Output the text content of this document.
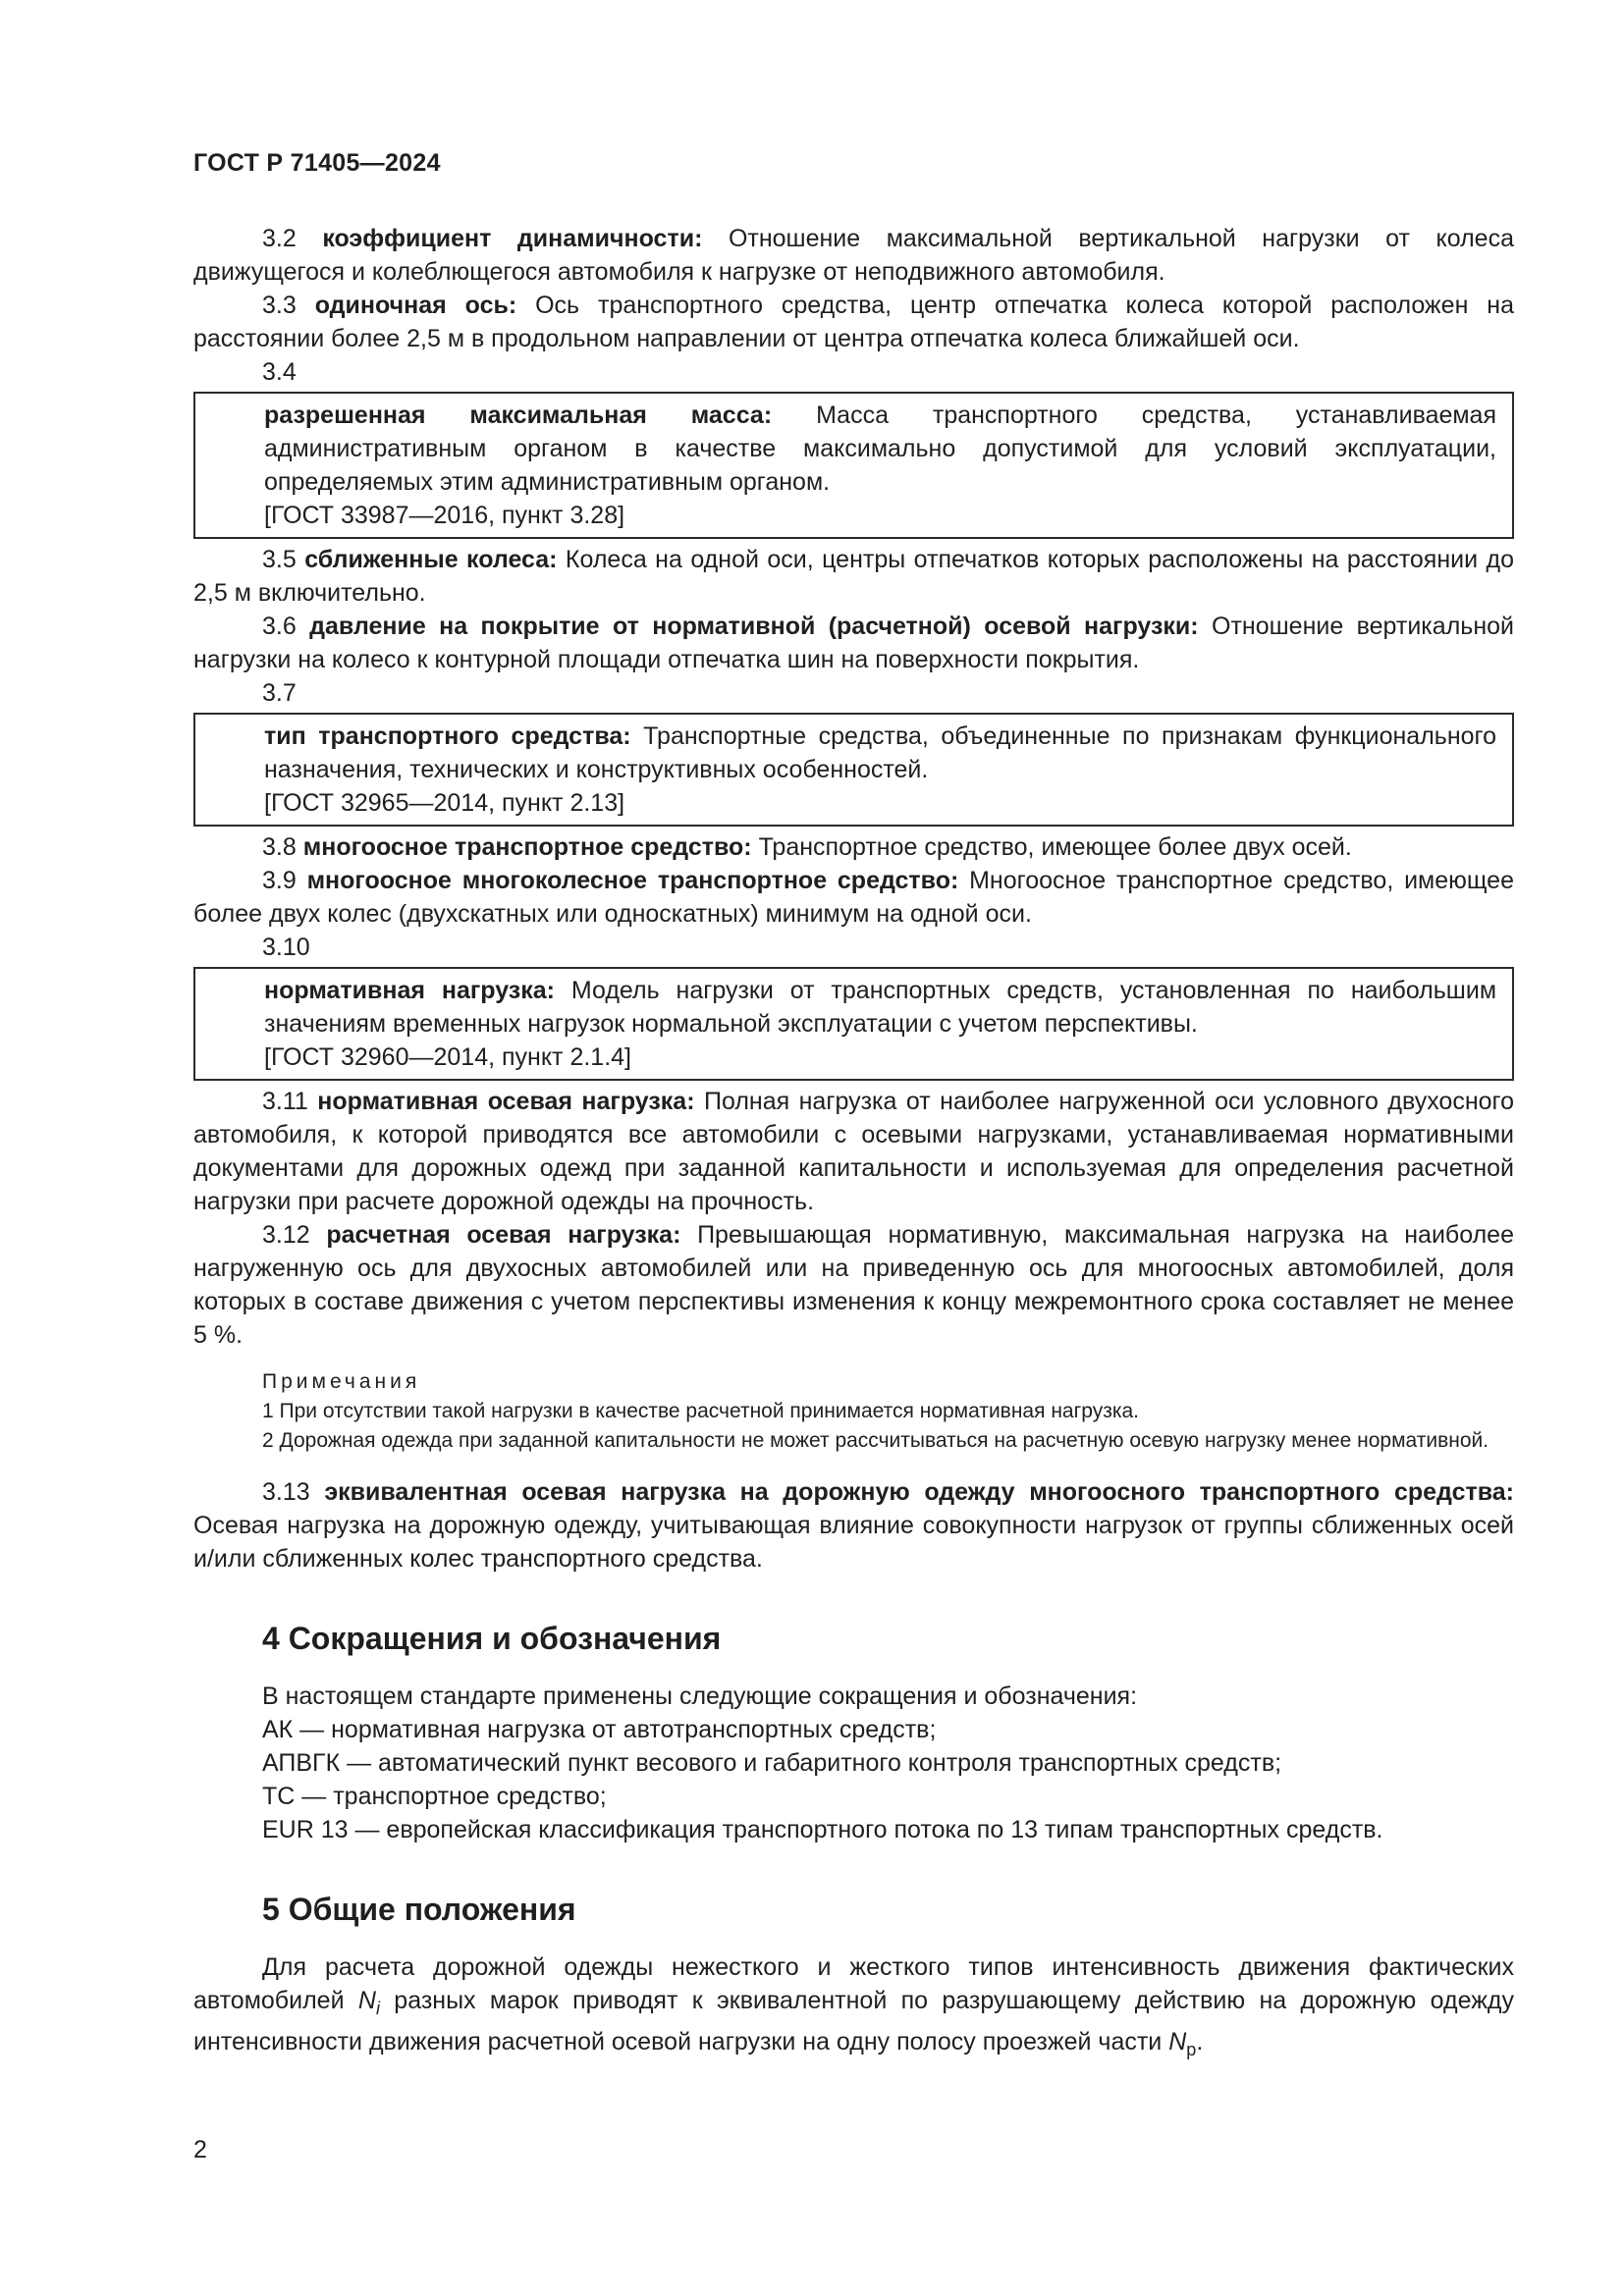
ГОСТ Р 71405—2024

3.2 коэффициент динамичности: Отношение максимальной вертикальной нагрузки от колеса движущегося и колеблющегося автомобиля к нагрузке от неподвижного автомобиля.

3.3 одиночная ось: Ось транспортного средства, центр отпечатка колеса которой расположен на расстоянии более 2,5 м в продольном направлении от центра отпечатка колеса ближайшей оси.

3.4

разрешенная максимальная масса: Масса транспортного средства, устанавливаемая административным органом в качестве максимально допустимой для условий эксплуатации, определяемых этим административным органом.

[ГОСТ 33987—2016, пункт 3.28]

3.5 сближенные колеса: Колеса на одной оси, центры отпечатков которых расположены на расстоянии до 2,5 м включительно.

3.6 давление на покрытие от нормативной (расчетной) осевой нагрузки: Отношение вертикальной нагрузки на колесо к контурной площади отпечатка шин на поверхности покрытия.

3.7

тип транспортного средства: Транспортные средства, объединенные по признакам функционального назначения, технических и конструктивных особенностей.

[ГОСТ 32965—2014, пункт 2.13]

3.8 многоосное транспортное средство: Транспортное средство, имеющее более двух осей.

3.9 многоосное многоколесное транспортное средство: Многоосное транспортное средство, имеющее более двух колес (двухскатных или односкатных) минимум на одной оси.

3.10

нормативная нагрузка: Модель нагрузки от транспортных средств, установленная по наибольшим значениям временных нагрузок нормальной эксплуатации с учетом перспективы.

[ГОСТ 32960—2014, пункт 2.1.4]

3.11 нормативная осевая нагрузка: Полная нагрузка от наиболее нагруженной оси условного двухосного автомобиля, к которой приводятся все автомобили с осевыми нагрузками, устанавливаемая нормативными документами для дорожных одежд при заданной капитальности и используемая для определения расчетной нагрузки при расчете дорожной одежды на прочность.

3.12 расчетная осевая нагрузка: Превышающая нормативную, максимальная нагрузка на наиболее нагруженную ось для двухосных автомобилей или на приведенную ось для многоосных автомобилей, доля которых в составе движения с учетом перспективы изменения к концу межремонтного срока составляет не менее 5 %.

Примечания

1 При отсутствии такой нагрузки в качестве расчетной принимается нормативная нагрузка.

2 Дорожная одежда при заданной капитальности не может рассчитываться на расчетную осевую нагрузку менее нормативной.

3.13 эквивалентная осевая нагрузка на дорожную одежду многоосного транспортного средства: Осевая нагрузка на дорожную одежду, учитывающая влияние совокупности нагрузок от группы сближенных осей и/или сближенных колес транспортного средства.

4 Сокращения и обозначения

В настоящем стандарте применены следующие сокращения и обозначения:

АК — нормативная нагрузка от автотранспортных средств;

АПВГК — автоматический пункт весового и габаритного контроля транспортных средств;

ТС — транспортное средство;

EUR 13 — европейская классификация транспортного потока по 13 типам транспортных средств.

5 Общие положения

Для расчета дорожной одежды нежесткого и жесткого типов интенсивность движения фактических автомобилей $N_i$ разных марок приводят к эквивалентной по разрушающему действию на дорожную одежду интенсивности движения расчетной осевой нагрузки на одну полосу проезжей части $N_р$.

2
